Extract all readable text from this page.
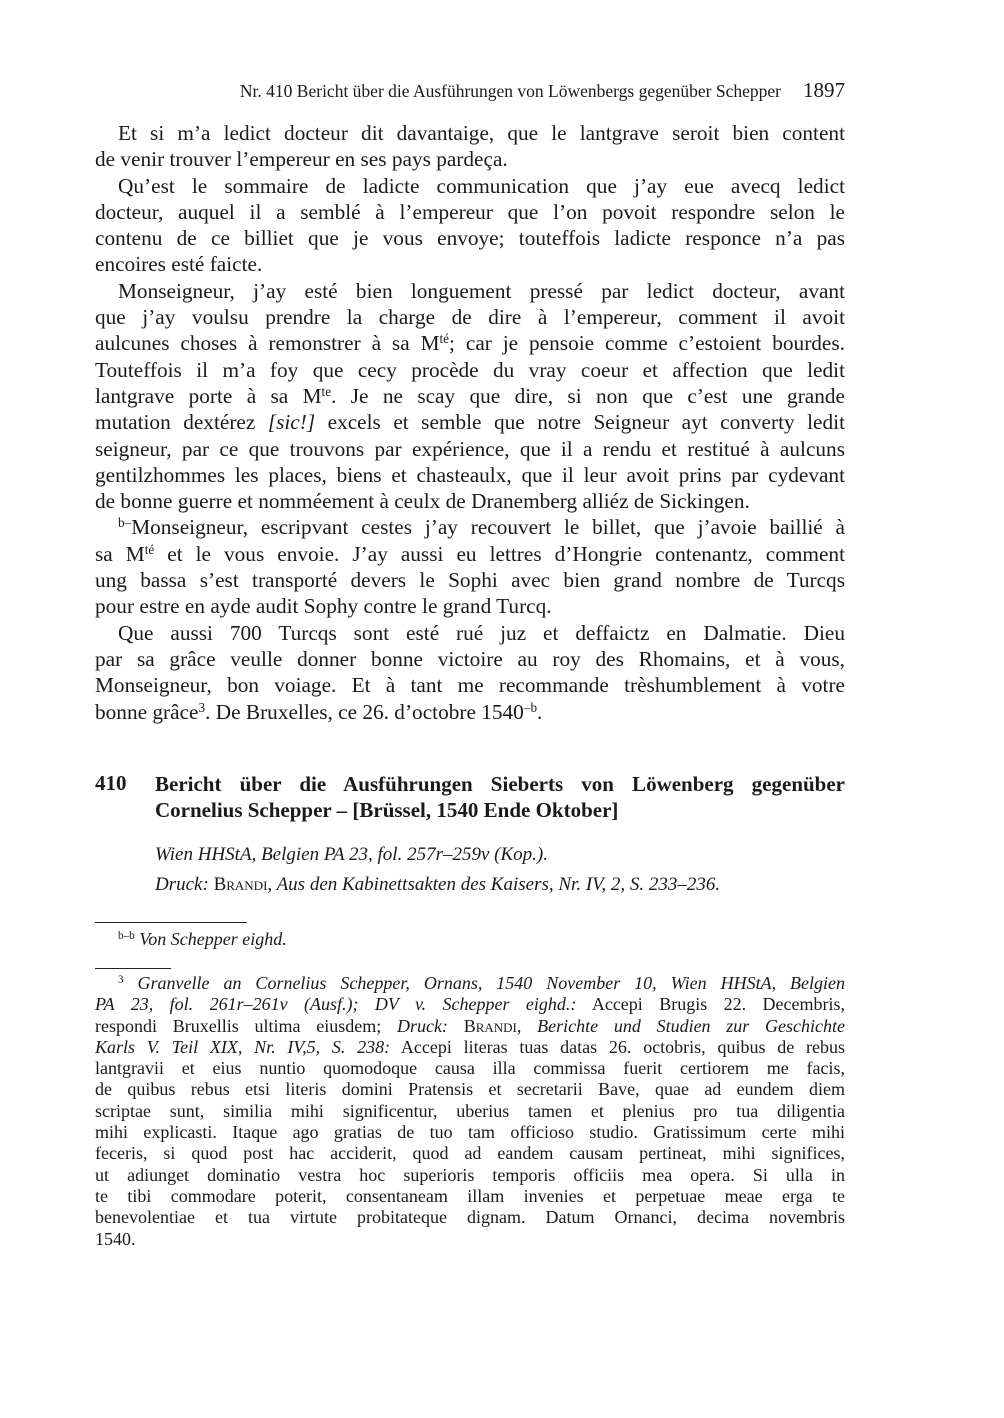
Nr. 410 Bericht über die Ausführungen von Löwenbergs gegenüber Schepper 1897
Et si m’a ledict docteur dit davantaige, que le lantgrave seroit bien content
de venir trouver l’empereur en ses pays pardeça.
Qu’est le sommaire de ladicte communication que j’ay eue avecq ledict
docteur, auquel il a semblé à l’empereur que l’on povoit respondre selon le
contenu de ce billiet que je vous envoye; touteffois ladicte responce n’a pas
encoires esté faicte.
Monseigneur, j’ay esté bien longuement pressé par ledict docteur, avant
que j’ay voulsu prendre la charge de dire à l’empereur, comment il avoit
aulcunes choses à remonstrer à sa $M^{té}$; car je pensoie comme c’estoient bourdes.
Touteffois il m’a foy que cecy procède du vray coeur et affection que ledit
lantgrave porte à sa $M^{te}$. Je ne scay que dire, si non que c’est une grande
mutation dextérez [sic!] excels et semble que notre Seigneur ayt converty ledit
seigneur, par ce que trouvons par expérience, que il a rendu et restitué à aulcuns
gentilzhommes les places, biens et chasteaulx, que il leur avoit prins par cydevant
de bonne guerre et nomméement à ceulx de Dranemberg alliéz de Sickingen.
$^{b-}$Monseigneur, escripvant cestes j’ay recouvert le billet, que j’avoie baillié à
sa $M^{té}$ et le vous envoie. J’ay aussi eu lettres d’Hongrie contenantz, comment
ung bassa s’est transporté devers le Sophi avec bien grand nombre de Turcqs
pour estre en ayde audit Sophy contre le grand Turcq.
Que aussi 700 Turcqs sont esté rué juz et deffaictz en Dalmatie. Dieu
par sa grâce veulle donner bonne victoire au roy des Rhomains, et à vous,
Monseigneur, bon voiage. Et à tant me recommande trèshumblement à votre
bonne grâce$^3$. De Bruxelles, ce 26. d’octobre $1540^{-b}$.
410 Bericht über die Ausführungen Sieberts von Löwenberg gegenüber
Cornelius Schepper – [Brüssel, 1540 Ende Oktober]
Wien HHStA, Belgien PA 23, fol. 257r–259v (Kop.).
Druck: Brandi, Aus den Kabinettsakten des Kaisers, Nr. IV, 2, S. 233–236.
$^{b-b}$ Von Schepper eighd.
$^3$ Granvelle an Cornelius Schepper, Ornans, 1540 November 10, Wien HHStA, Belgien
PA 23, fol. 261r–261v (Ausf.); DV v. Schepper eighd.: Accepi Brugis 22. Decembris,
respondi Bruxellis ultima eiusdem; Druck: Brandi, Berichte und Studien zur Geschichte
Karls V. Teil XIX, Nr. IV,5, S. 238: Accepi literas tuas datas 26. octobris, quibus de rebus
lantgravii et eius nuntio quomodoque causa illa commissa fuerit certiorem me facis,
de quibus rebus etsi literis domini Pratensis et secretarii Bave, quae ad eundem diem
scriptae sunt, similia mihi significentur, uberius tamen et plenius pro tua diligentia
mihi explicasti. Itaque ago gratias de tuo tam officioso studio. Gratissimum certe mihi
feceris, si quod post hac acciderit, quod ad eandem causam pertineat, mihi significes,
ut adiunget dominatio vestra hoc superioris temporis officiis mea opera. Si ulla in
te tibi commodare poterit, consentaneam illam invenies et perpetuae meae erga te
benevolentiae et tua virtute probitateque dignam. Datum Ornanci, decima novembris
1540.
